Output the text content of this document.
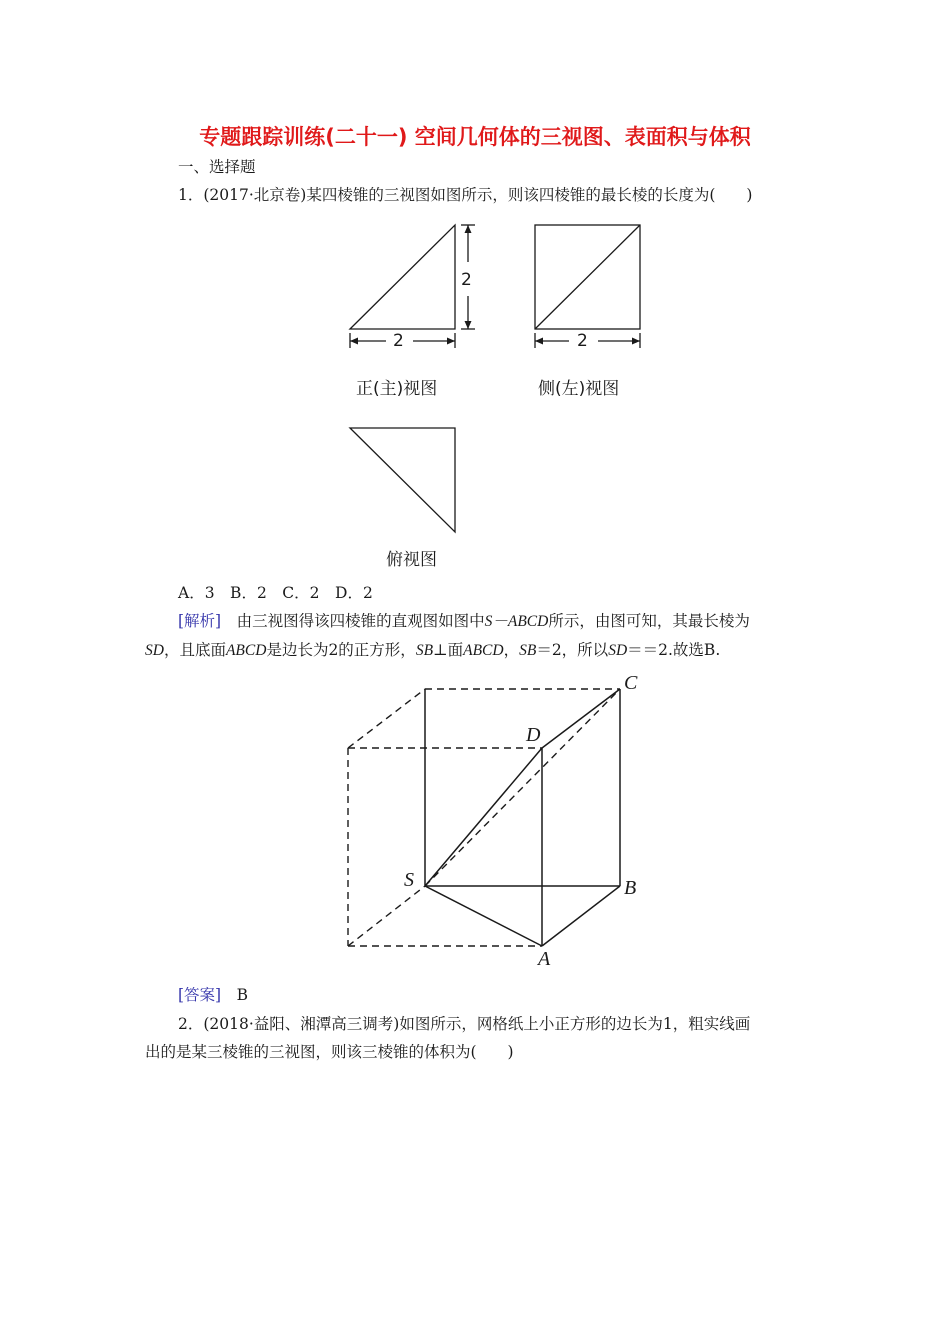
专题跟踪训练(二十一) 空间几何体的三视图、表面积与体积
一、选择题
1．(2017·北京卷)某四棱锥的三视图如图所示，则该四棱锥的最长棱的长度为(　　)
2
2	2
正(主)视图	侧(左)视图
俯视图
A．3　B．2　C．2　D．2
[解析]　由三视图得该四棱锥的直观图如图中S－ABCD所示，由图可知，其最长棱为
SD，且底面ABCD是边长为2的正方形，SB⊥面ABCD，SB＝2，所以SD＝＝2.故选B.
C
D
S	B
A
[答案]　B
2．(2018·益阳、湘潭高三调考)如图所示，网格纸上小正方形的边长为1，粗实线画
出的是某三棱锥的三视图，则该三棱锥的体积为(　　)
